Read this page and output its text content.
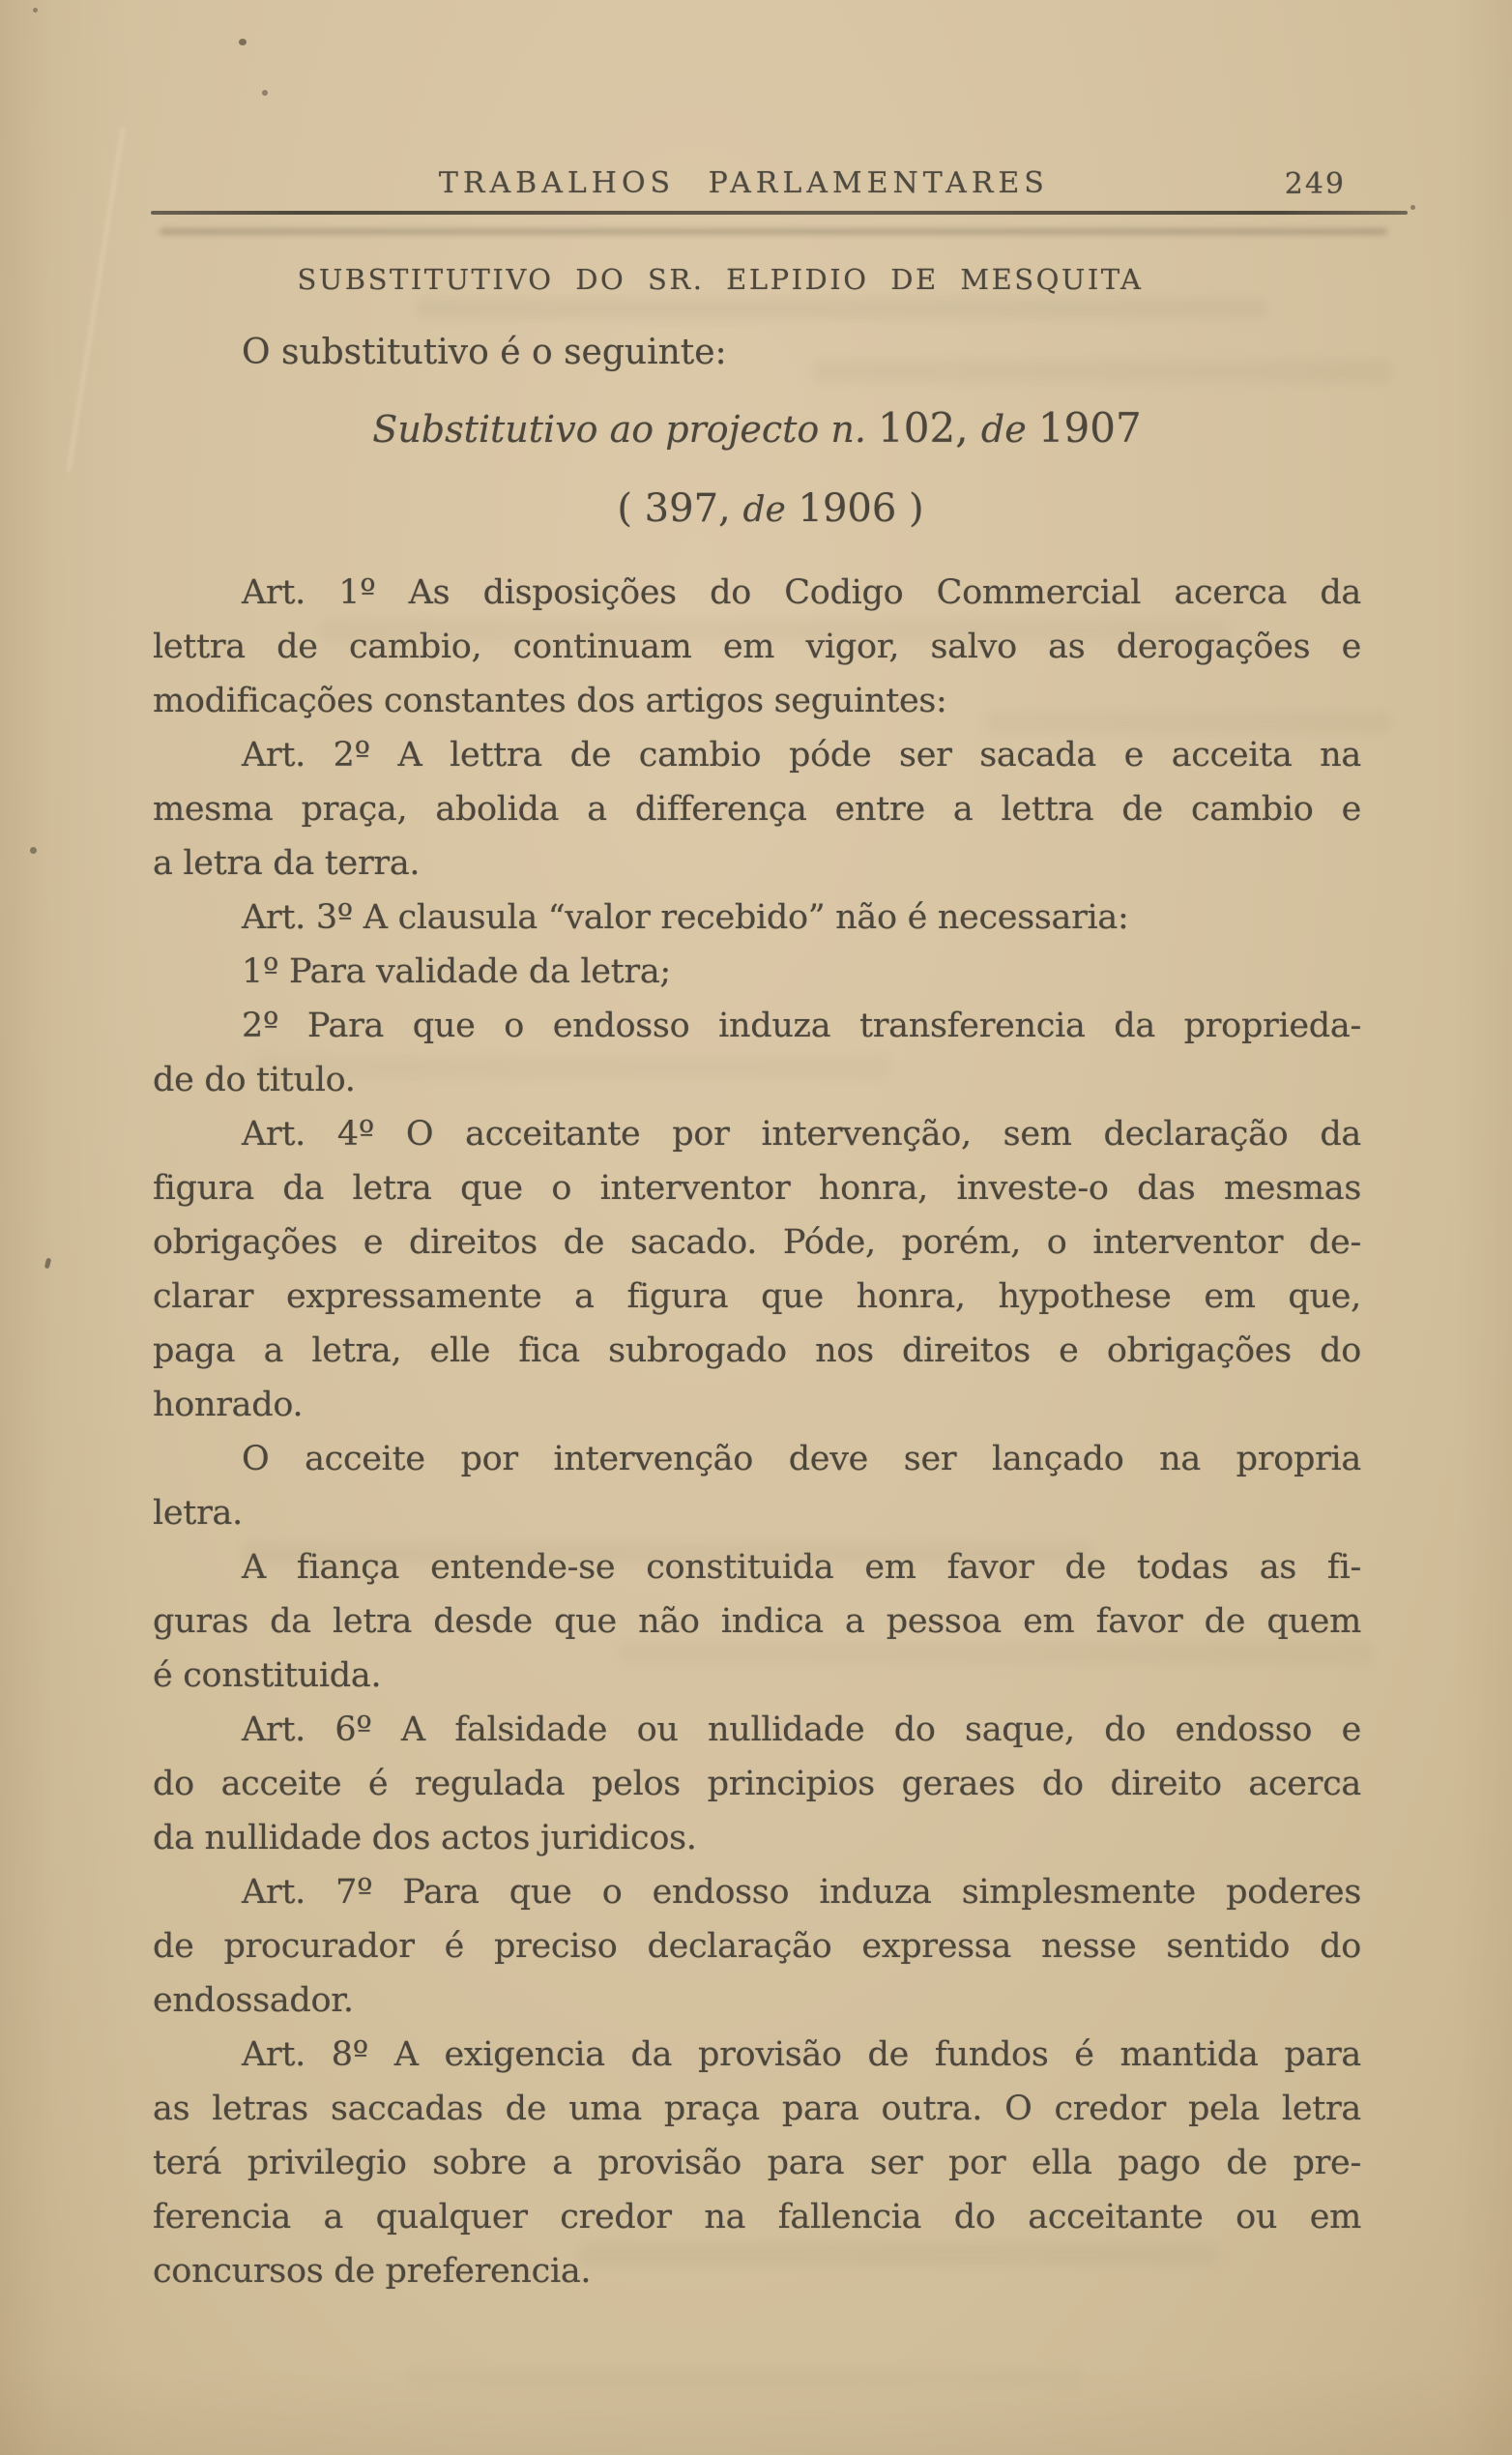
TRABALHOS PARLAMENTARES	249
SUBSTITUTIVO DO SR. ELPIDIO DE MESQUITA
O substitutivo é o seguinte:
Substitutivo ao projecto n. 102, de 1907
( 397, de 1906 )
Art. 1º As disposições do Codigo Commercial acerca da
lettra de cambio, continuam em vigor, salvo as derogações e
modificações constantes dos artigos seguintes:
Art. 2º A lettra de cambio póde ser sacada e acceita na
mesma praça, abolida a differença entre a lettra de cambio e
a letra da terra.
Art. 3º A clausula “valor recebido” não é necessaria:
1º Para validade da letra;
2º Para que o endosso induza transferencia da proprieda-
de do titulo.
Art. 4º O acceitante por intervenção, sem declaração da
figura da letra que o interventor honra, investe-o das mesmas
obrigações e direitos de sacado. Póde, porém, o interventor de-
clarar expressamente a figura que honra, hypothese em que,
paga a letra, elle fica subrogado nos direitos e obrigações do
honrado.
O acceite por intervenção deve ser lançado na propria
letra.
A fiança entende-se constituida em favor de todas as fi-
guras da letra desde que não indica a pessoa em favor de quem
é constituida.
Art. 6º A falsidade ou nullidade do saque, do endosso e
do acceite é regulada pelos principios geraes do direito acerca
da nullidade dos actos juridicos.
Art. 7º Para que o endosso induza simplesmente poderes
de procurador é preciso declaração expressa nesse sentido do
endossador.
Art. 8º A exigencia da provisão de fundos é mantida para
as letras saccadas de uma praça para outra. O credor pela letra
terá privilegio sobre a provisão para ser por ella pago de pre-
ferencia a qualquer credor na fallencia do acceitante ou em
concursos de preferencia.
